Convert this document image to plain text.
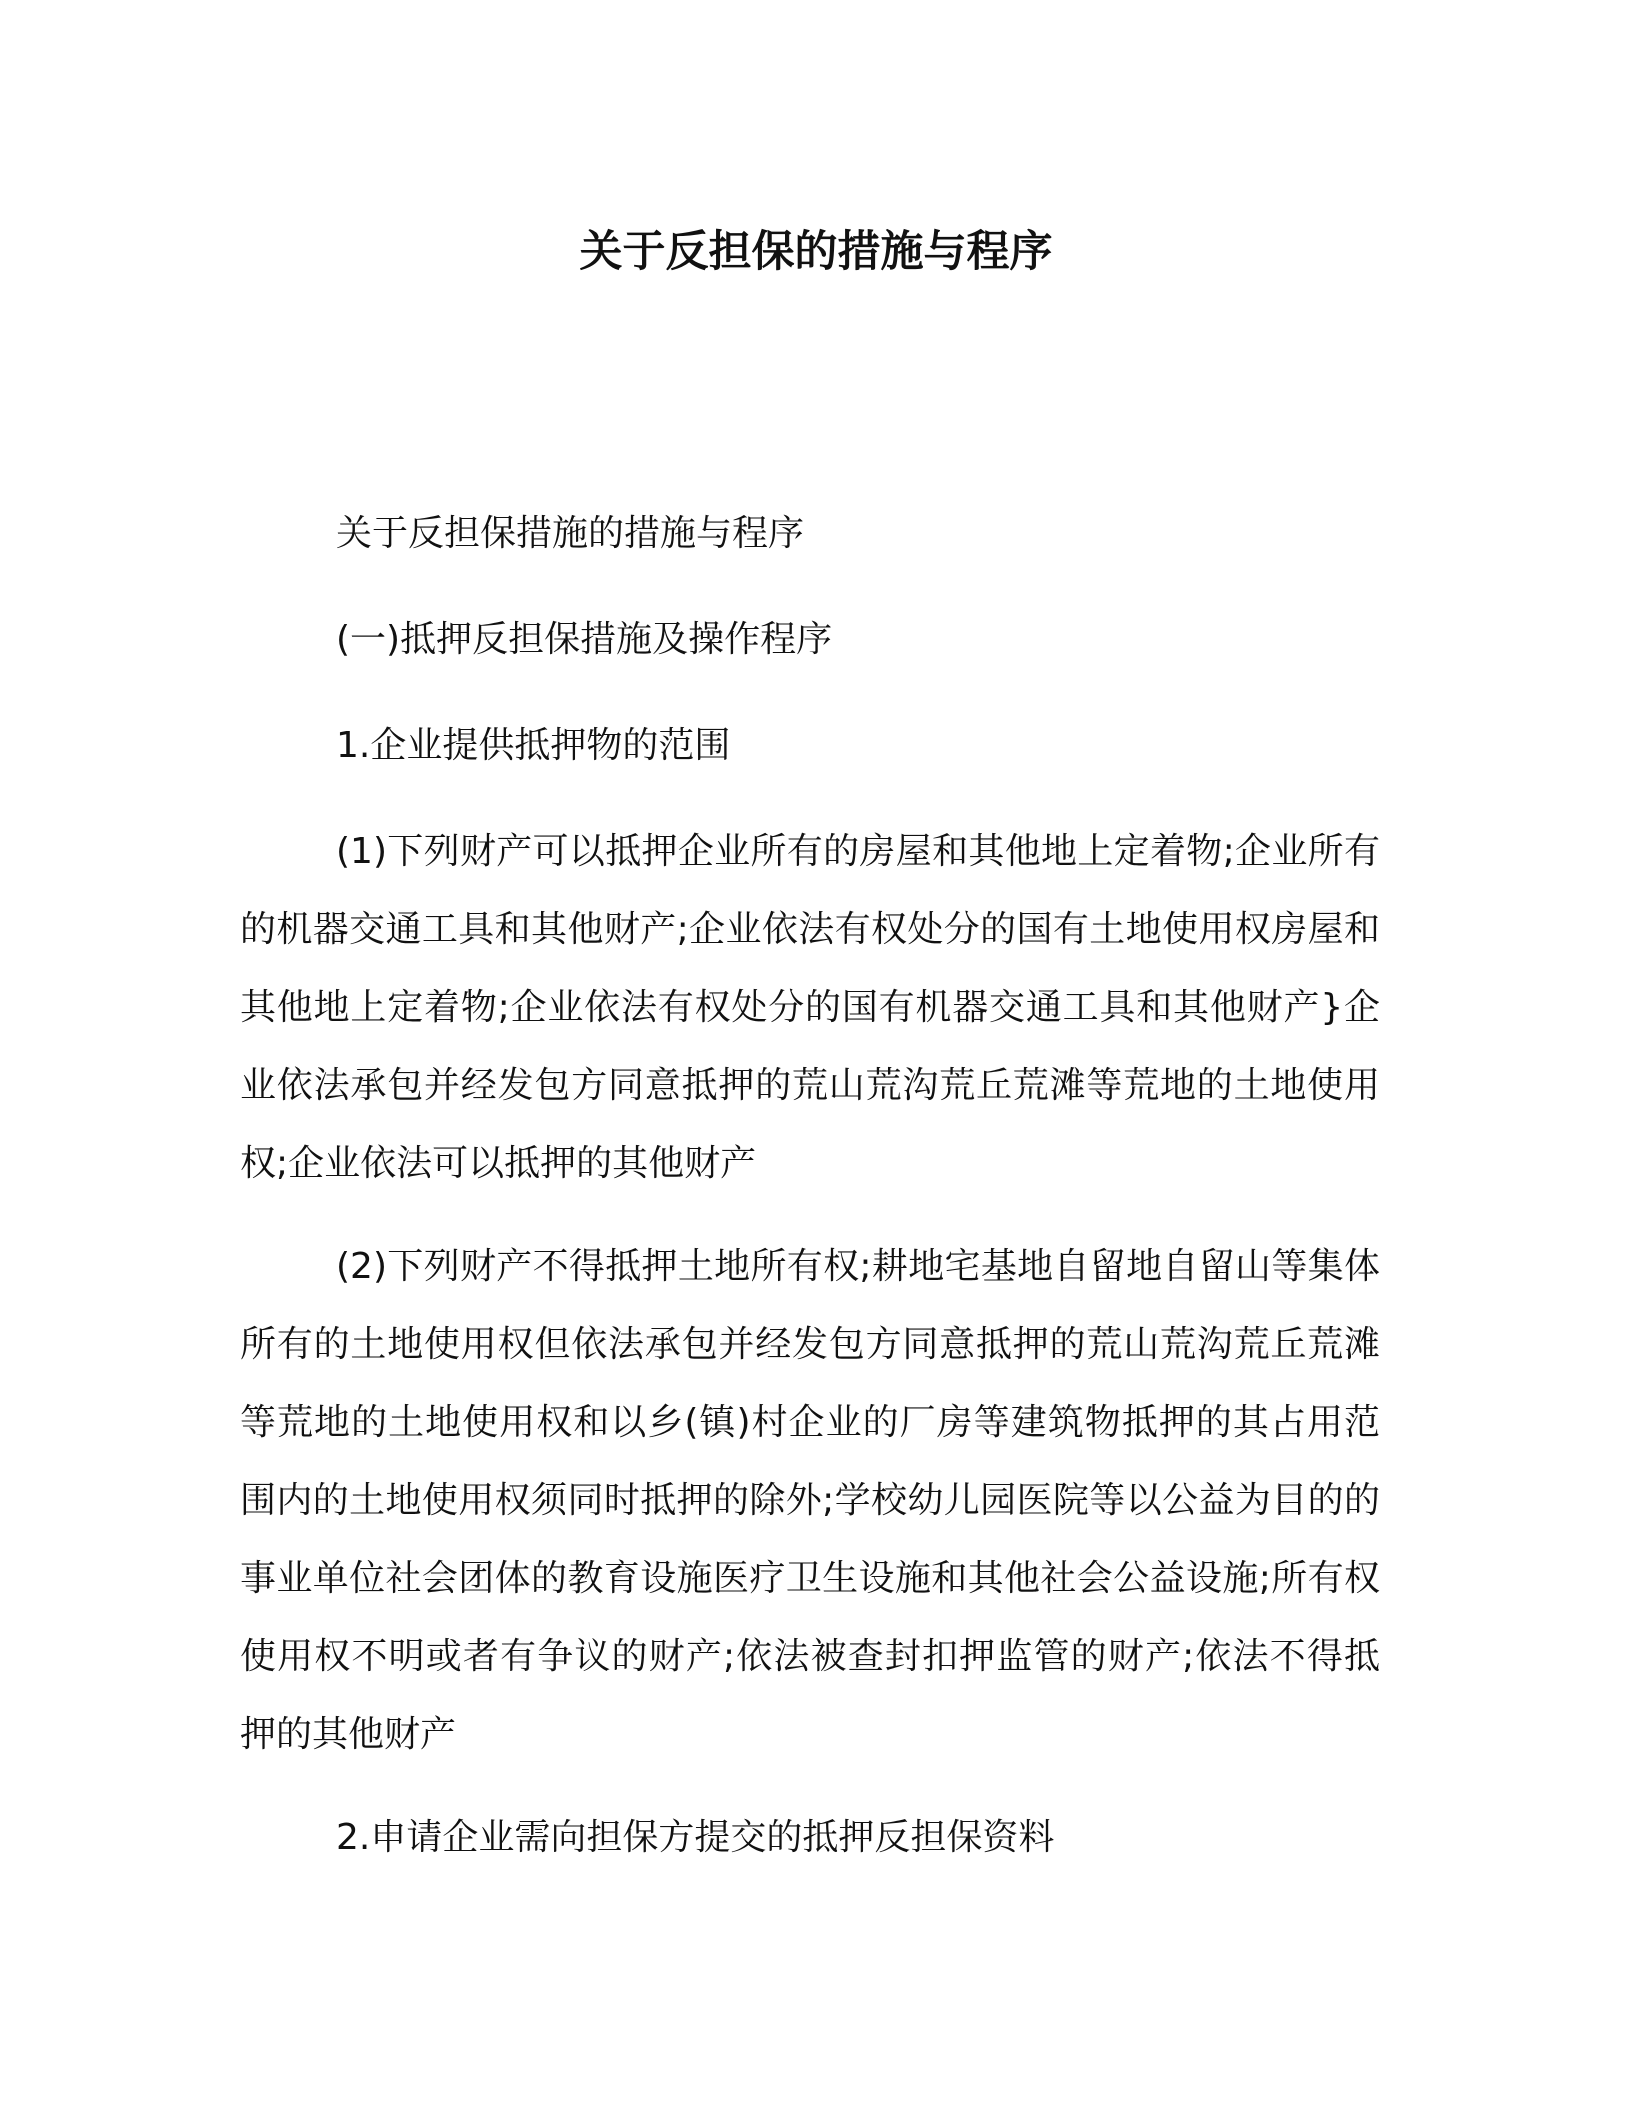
关于反担保的措施与程序

关于反担保措施的措施与程序

(一)抵押反担保措施及操作程序

1.企业提供抵押物的范围

(1)下列财产可以抵押企业所有的房屋和其他地上定着物;企业所有的机器交通工具和其他财产;企业依法有权处分的国有土地使用权房屋和其他地上定着物;企业依法有权处分的国有机器交通工具和其他财产}企业依法承包并经发包方同意抵押的荒山荒沟荒丘荒滩等荒地的土地使用权;企业依法可以抵押的其他财产

(2)下列财产不得抵押土地所有权;耕地宅基地自留地自留山等集体所有的土地使用权但依法承包并经发包方同意抵押的荒山荒沟荒丘荒滩等荒地的土地使用权和以乡(镇)村企业的厂房等建筑物抵押的其占用范围内的土地使用权须同时抵押的除外;学校幼儿园医院等以公益为目的的事业单位社会团体的教育设施医疗卫生设施和其他社会公益设施;所有权使用权不明或者有争议的财产;依法被查封扣押监管的财产;依法不得抵押的其他财产

2.申请企业需向担保方提交的抵押反担保资料
